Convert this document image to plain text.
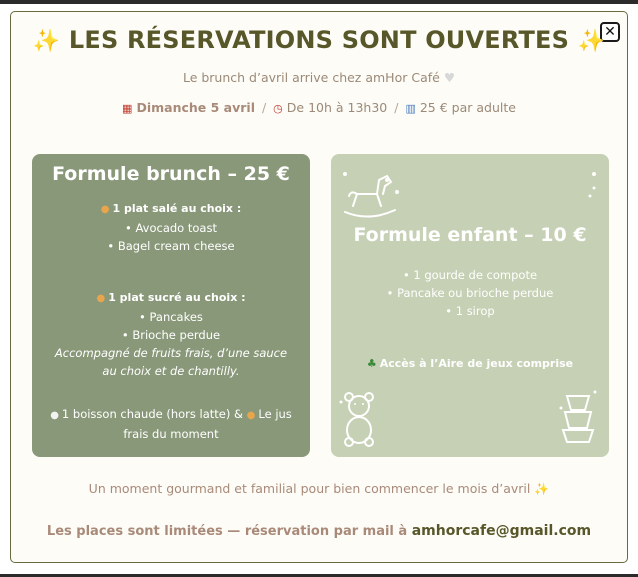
✕
✨ LES RÉSERVATIONS SONT OUVERTES ✨
Le brunch d’avril arrive chez amHor Café ♥
▦ Dimanche 5 avril / ◷ De 10h à 13h30 / ▥ 25 € par adulte
Formule brunch – 25 €
● 1 plat salé au choix :
• Avocado toast
• Bagel cream cheese
● 1 plat sucré au choix :
• Pancakes
• Brioche perdue
Accompagné de fruits frais, d’une sauce au choix et de chantilly.
● 1 boisson chaude (hors latte) & ● Le jus frais du moment
Formule enfant – 10 €
• 1 gourde de compote
• Pancake ou brioche perdue
• 1 sirop
♣ Accès à l’Aire de jeux comprise
Un moment gourmand et familial pour bien commencer le mois d’avril ✨
Les places sont limitées — réservation par mail à amhorcafe@gmail.com
